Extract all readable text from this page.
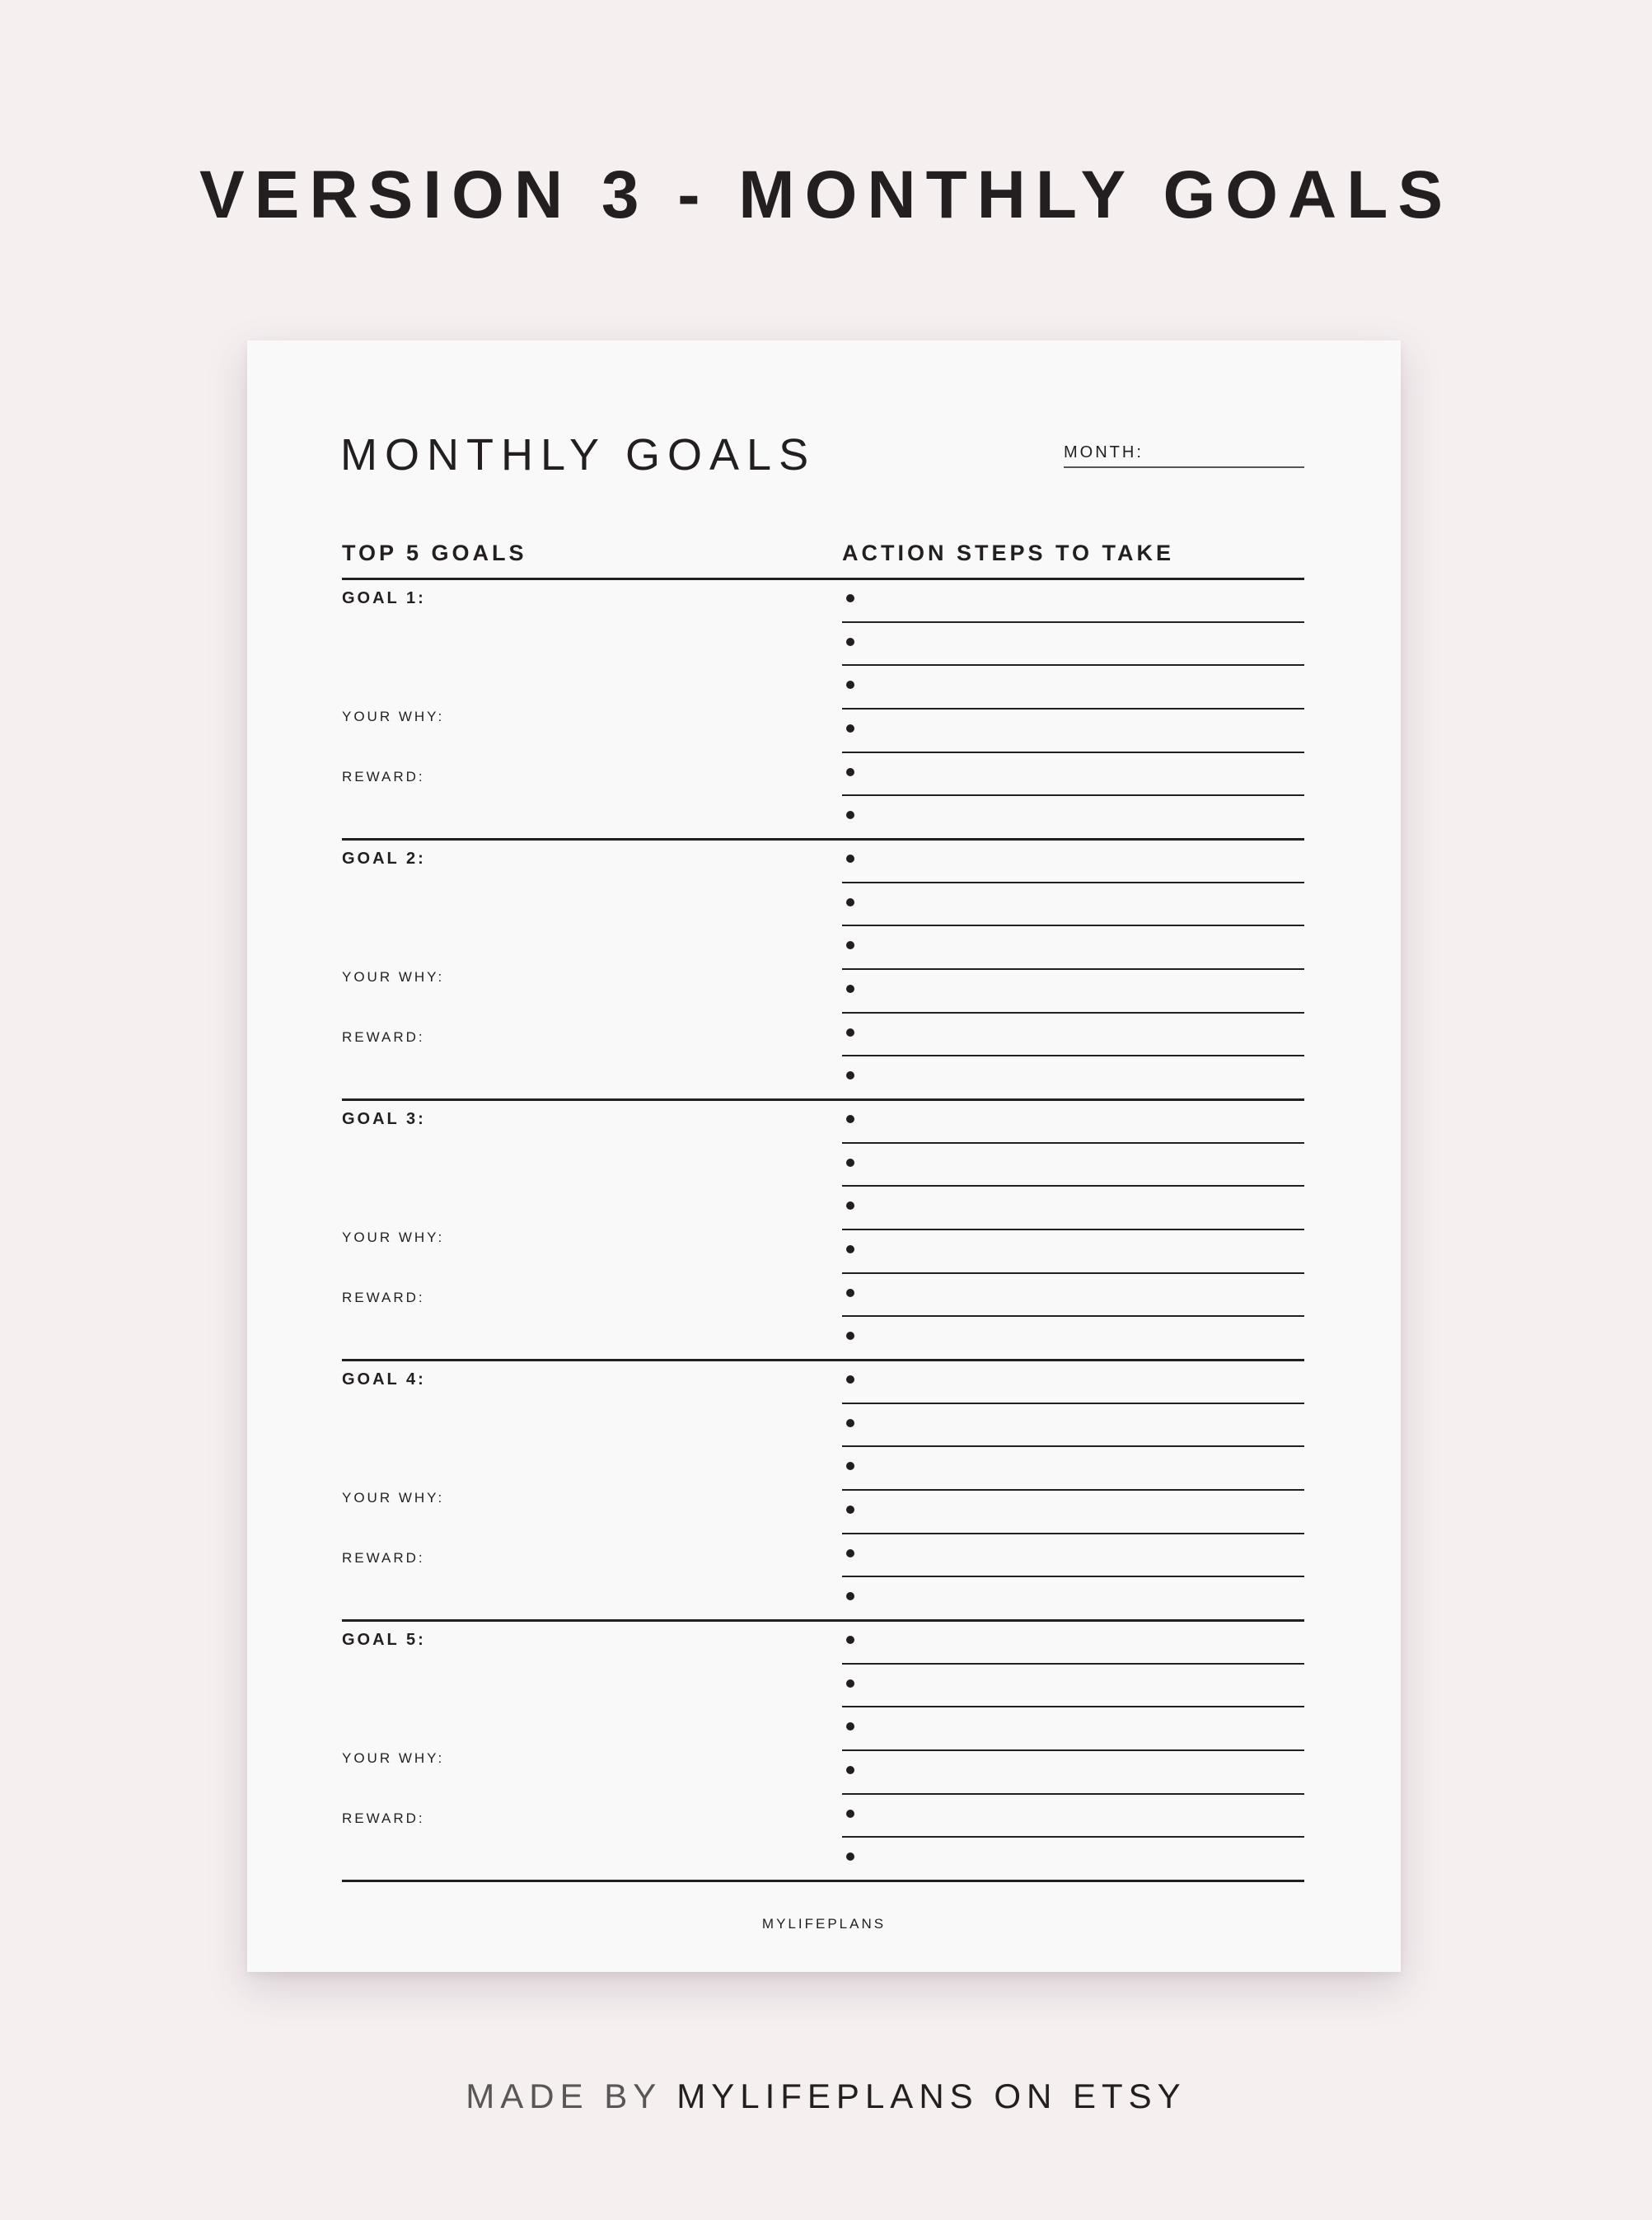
VERSION 3 - MONTHLY GOALS
MONTHLY GOALS	MONTH:
TOP 5 GOALS	ACTION STEPS TO TAKE
GOAL 1:
YOUR WHY:
REWARD:
GOAL 2:
YOUR WHY:
REWARD:
GOAL 3:
YOUR WHY:
REWARD:
GOAL 4:
YOUR WHY:
REWARD:
GOAL 5:
YOUR WHY:
REWARD:
MYLIFEPLANS
MADE BY MYLIFEPLANS ON ETSY
